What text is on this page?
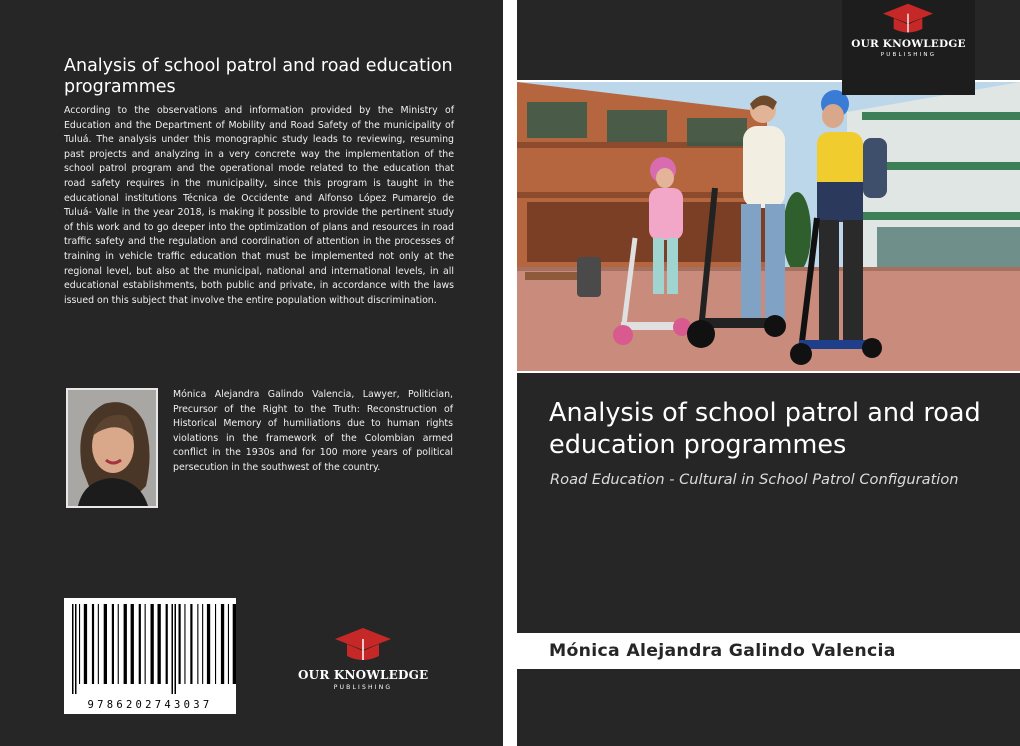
Analysis of school patrol and road education programmes

According to the observations and information provided by the Ministry of Education and the Department of Mobility and Road Safety of the municipality of Tuluá. The analysis under this monographic study leads to reviewing, resuming past projects and analyzing in a very concrete way the implementation of the school patrol program and the operational mode related to the education that road safety requires in the municipality, since this program is taught in the educational institutions Técnica de Occidente and Alfonso López Pumarejo de Tuluá- Valle in the year 2018, is making it possible to provide the pertinent study of this work and to go deeper into the optimization of plans and resources in road traffic safety and the regulation and coordination of attention in the processes of training in vehicle traffic education that must be implemented not only at the regional level, but also at the municipal, national and international levels, in all educational establishments, both public and private, in accordance with the laws issued on this subject that involve the entire population without discrimination.

Mónica Alejandra Galindo Valencia, Lawyer, Politician, Precursor of the Right to the Truth: Reconstruction of Historical Memory of humiliations due to human rights violations in the framework of the Colombian armed conflict in the 1930s and for 100 more years of political persecution in the southwest of the country.

9786202743037
OUR KNOWLEDGE
PUBLISHING
OUR KNOWLEDGE
PUBLISHING
Analysis of school patrol and road education programmes

Road Education - Cultural in School Patrol Configuration

Mónica Alejandra Galindo Valencia
